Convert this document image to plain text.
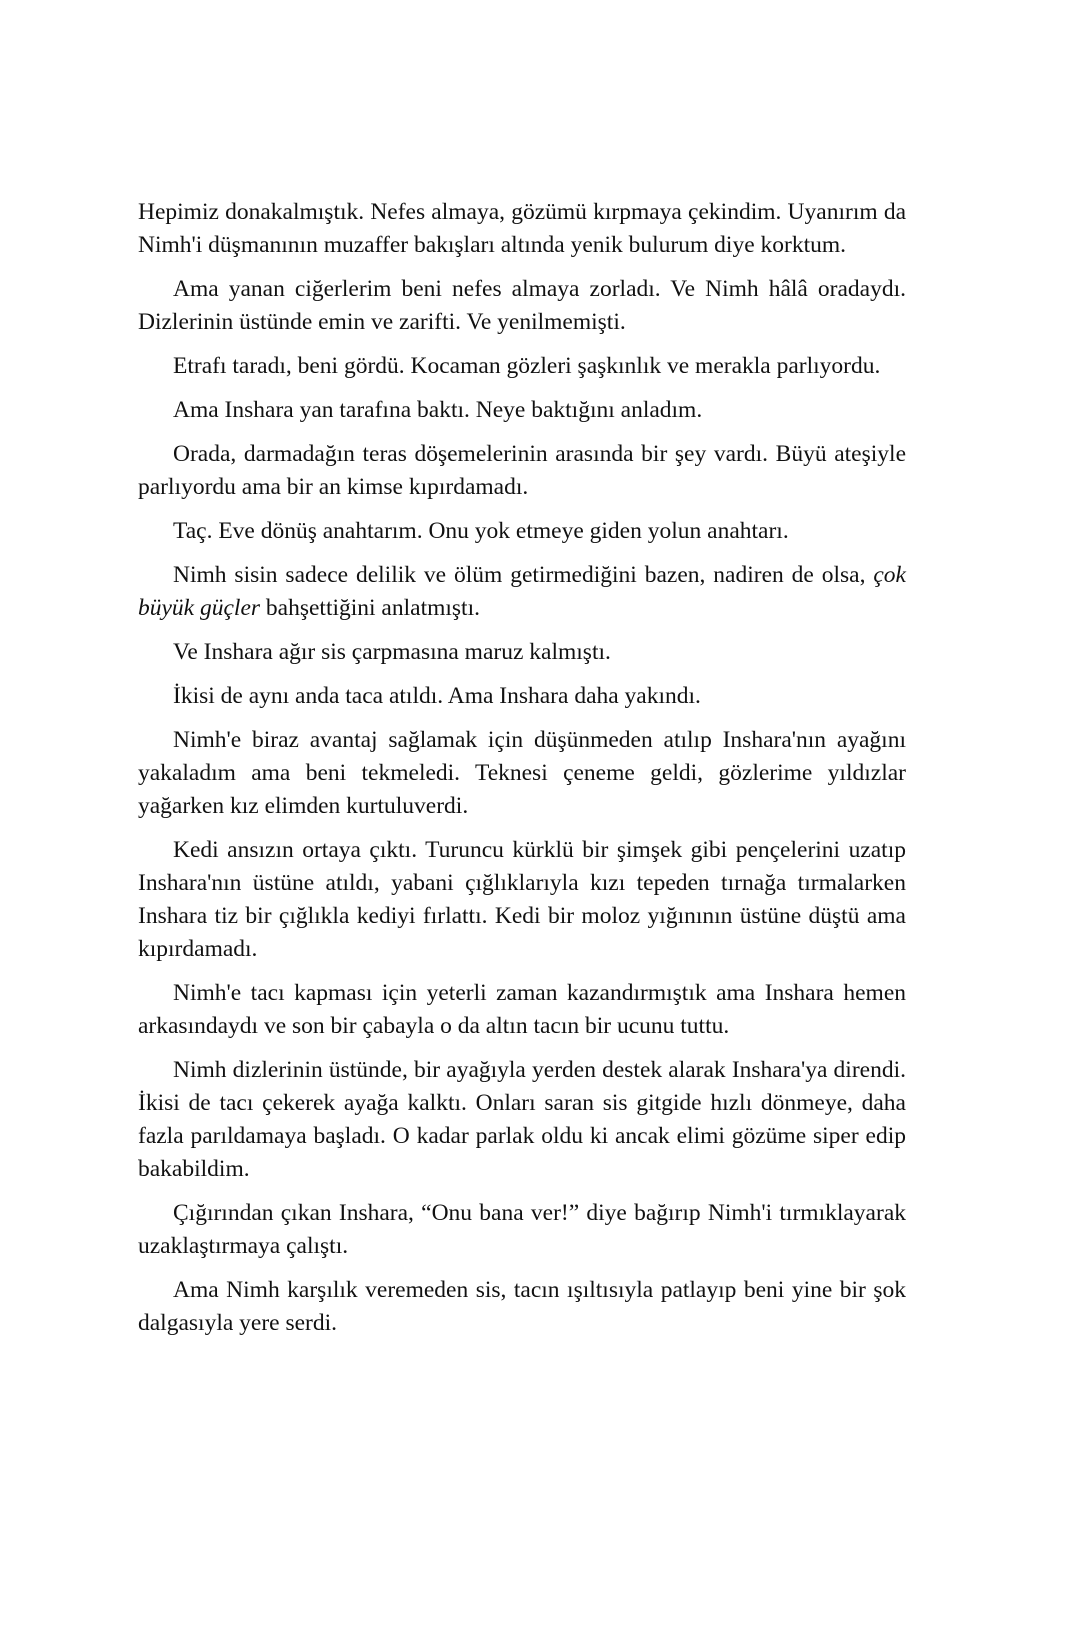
Hepimiz donakalmıştık. Nefes almaya, gözümü kırpmaya çekindim. Uyanırım da Nimh'i düşmanının muzaffer bakışları altında yenik bulurum diye korktum.

Ama yanan ciğerlerim beni nefes almaya zorladı. Ve Nimh hâlâ oradaydı. Dizlerinin üstünde emin ve zarifti. Ve yenilmemişti.

Etrafı taradı, beni gördü. Kocaman gözleri şaşkınlık ve merakla parlıyordu.

Ama Inshara yan tarafına baktı. Neye baktığını anladım.

Orada, darmadağın teras döşemelerinin arasında bir şey vardı. Büyü ateşiyle parlıyordu ama bir an kimse kıpırdamadı.

Taç. Eve dönüş anahtarım. Onu yok etmeye giden yolun anahtarı.

Nimh sisin sadece delilik ve ölüm getirmediğini bazen, nadiren de olsa, çok büyük güçler bahşettiğini anlatmıştı.

Ve Inshara ağır sis çarpmasına maruz kalmıştı.

İkisi de aynı anda taca atıldı. Ama Inshara daha yakındı.

Nimh'e biraz avantaj sağlamak için düşünmeden atılıp Inshara'nın ayağını yakaladım ama beni tekmeledi. Teknesi çeneme geldi, gözlerime yıldızlar yağarken kız elimden kurtuluverdi.

Kedi ansızın ortaya çıktı. Turuncu kürklü bir şimşek gibi pençelerini uzatıp Inshara'nın üstüne atıldı, yabani çığlıklarıyla kızı tepeden tırnağa tırmalarken Inshara tiz bir çığlıkla kediyi fırlattı. Kedi bir moloz yığınının üstüne düştü ama kıpırdamadı.

Nimh'e tacı kapması için yeterli zaman kazandırmıştık ama Inshara hemen arkasındaydı ve son bir çabayla o da altın tacın bir ucunu tuttu.

Nimh dizlerinin üstünde, bir ayağıyla yerden destek alarak Inshara'ya direndi. İkisi de tacı çekerek ayağa kalktı. Onları saran sis gitgide hızlı dönmeye, daha fazla parıldamaya başladı. O kadar parlak oldu ki ancak elimi gözüme siper edip bakabildim.

Çığırından çıkan Inshara, “Onu bana ver!” diye bağırıp Nimh'i tırmıklayarak uzaklaştırmaya çalıştı.

Ama Nimh karşılık veremeden sis, tacın ışıltısıyla patlayıp beni yine bir şok dalgasıyla yere serdi.
